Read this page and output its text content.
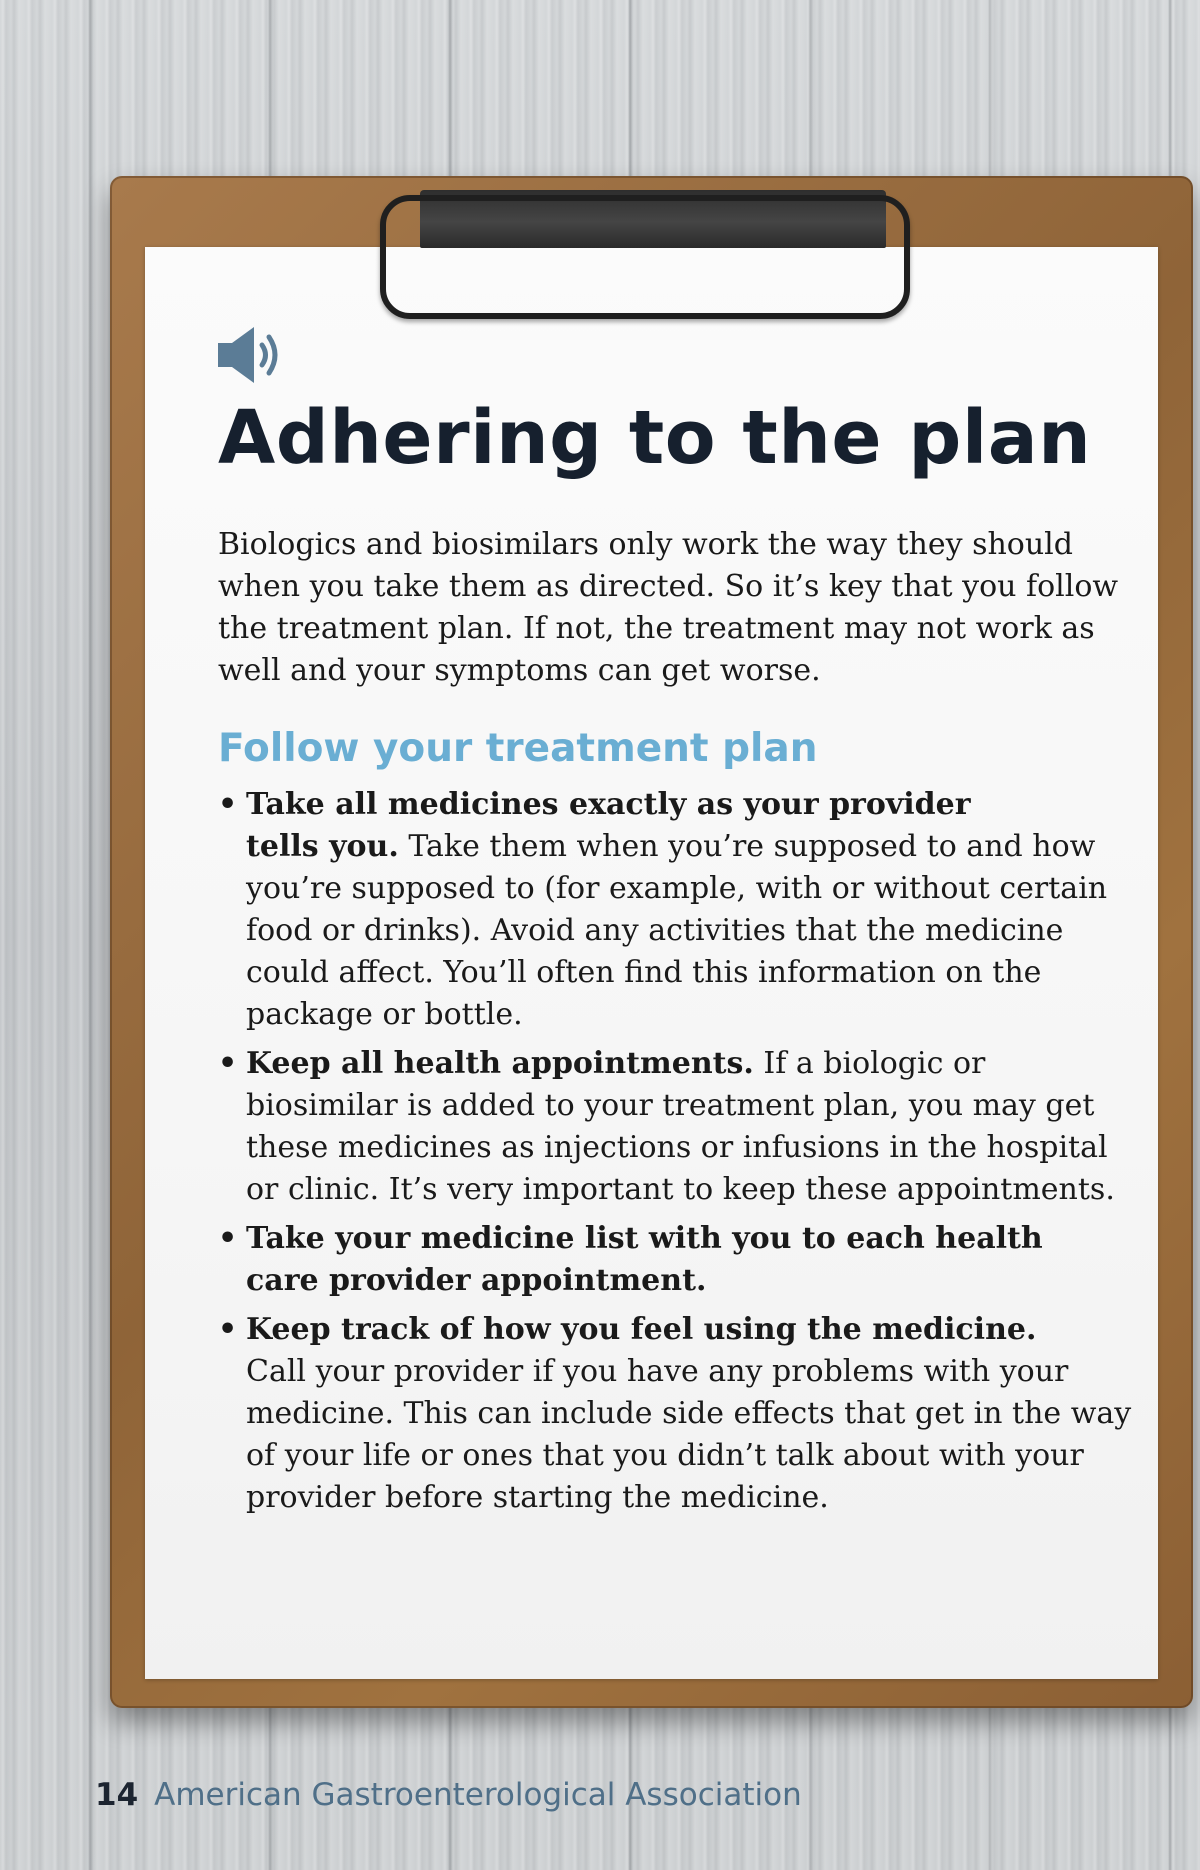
Adhering to the plan

Biologics and biosimilars only work the way they should
when you take them as directed. So it’s key that you follow
the treatment plan. If not, the treatment may not work as
well and your symptoms can get worse.

Follow your treatment plan
• Take all medicines exactly as your provider
tells you. Take them when you’re supposed to and how
you’re supposed to (for example, with or without certain
food or drinks). Avoid any activities that the medicine
could affect. You’ll often find this information on the
package or bottle.
• Keep all health appointments. If a biologic or
biosimilar is added to your treatment plan, you may get
these medicines as injections or infusions in the hospital
or clinic. It’s very important to keep these appointments.
• Take your medicine list with you to each health
care provider appointment.
• Keep track of how you feel using the medicine.
Call your provider if you have any problems with your
medicine. This can include side effects that get in the way
of your life or ones that you didn’t talk about with your
provider before starting the medicine.
14 American Gastroenterological Association
